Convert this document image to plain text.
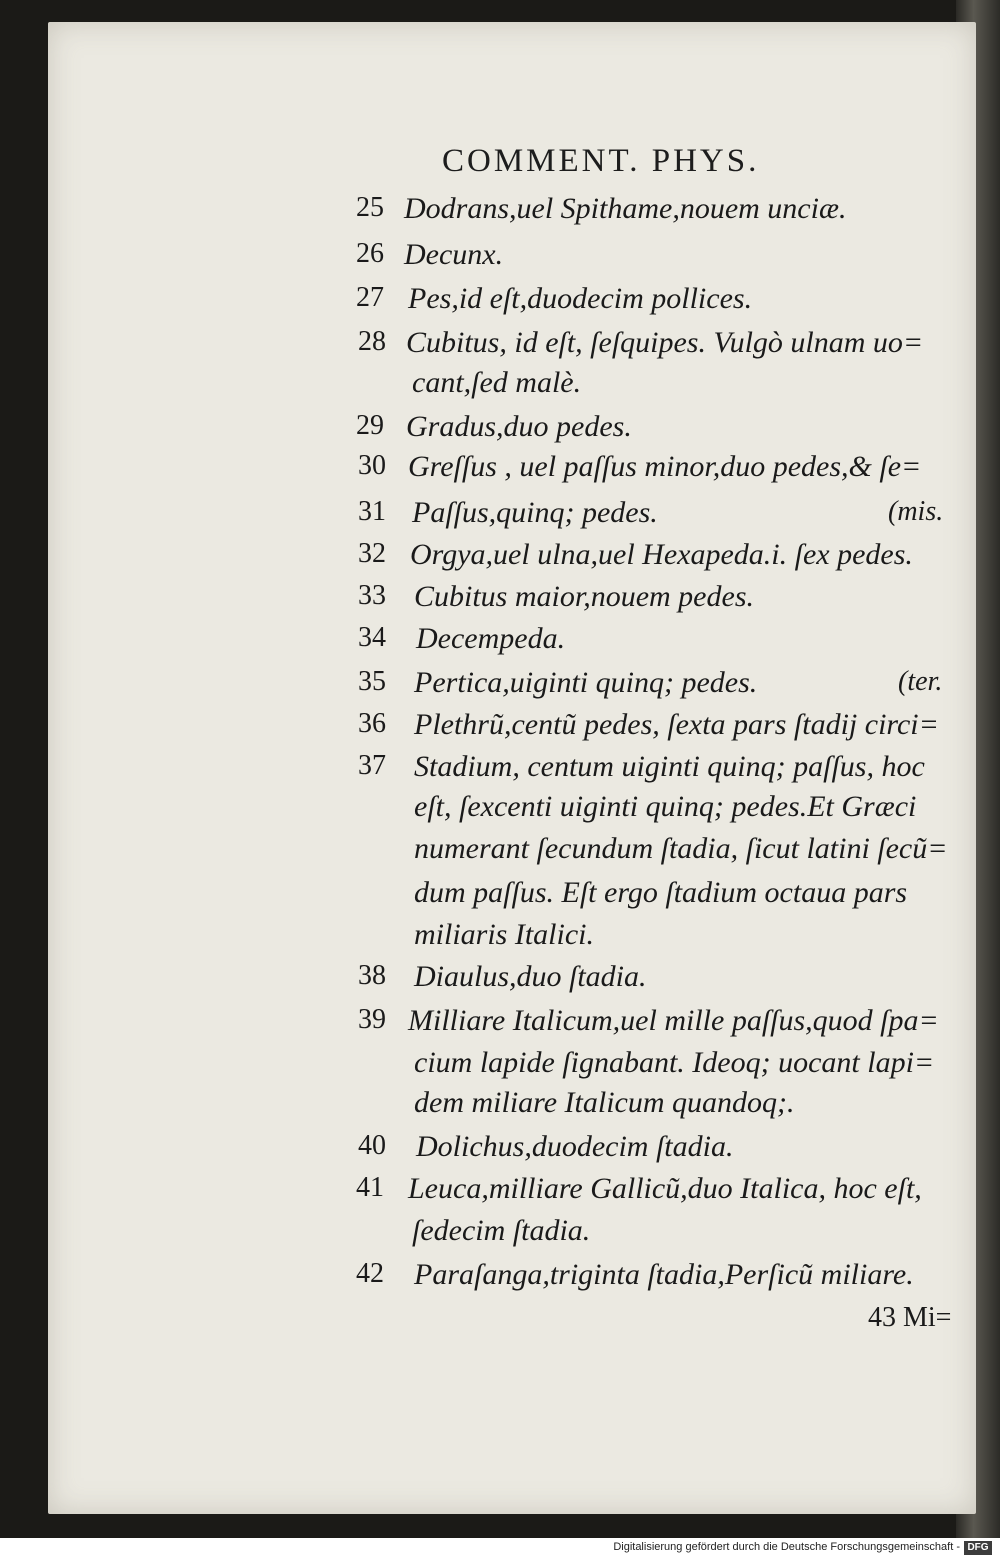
COMMENT. PHYS.
25 Dodrans,uel Spithame,nouem unciæ.
26 Decunx.
27 Pes,id eſt,duodecim pollices.
28 Cubitus, id eſt, ſeſquipes. Vulgò ulnam uo=
cant,ſed malè.
29 Gradus,duo pedes.
30 Greſſus , uel paſſus minor,duo pedes,& ſe=
31 Paſſus,quinq; pedes.	(mis.
32 Orgya,uel ulna,uel Hexapeda.i. ſex pedes.
33 Cubitus maior,nouem pedes.
34 Decempeda.
35 Pertica,uiginti quinq; pedes.	(ter.
36 Plethrũ,centũ pedes, ſexta pars ſtadij circi=
37 Stadium, centum uiginti quinq; paſſus, hoc
eſt, ſexcenti uiginti quinq; pedes.Et Græci
numerant ſecundum ſtadia, ſicut latini ſecũ=
dum paſſus. Eſt ergo ſtadium octaua pars
miliaris Italici.
38 Diaulus,duo ſtadia.
39 Milliare Italicum,uel mille paſſus,quod ſpa=
cium lapide ſignabant. Ideoq; uocant lapi=
dem miliare Italicum quandoq;.
40 Dolichus,duodecim ſtadia.
41 Leuca,milliare Gallicũ,duo Italica, hoc eſt,
ſedecim ſtadia.
42 Paraſanga,triginta ſtadia,Perſicũ miliare.
43 Mi=
Digitalisierung gefördert durch die Deutsche Forschungsgemeinschaft - DFG
